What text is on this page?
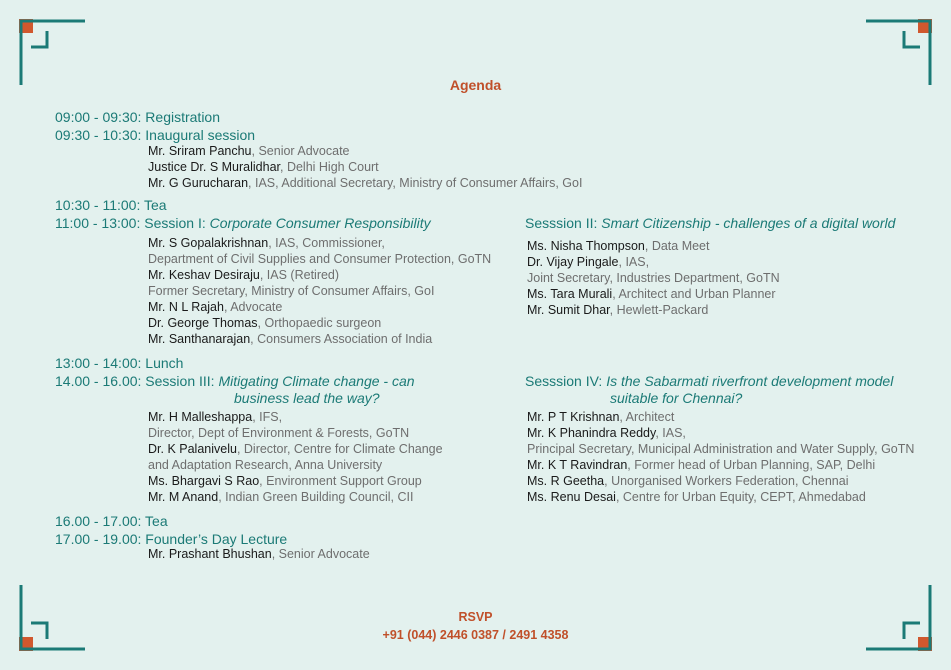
Agenda
09:00 - 09:30: Registration
09:30 - 10:30: Inaugural session
Mr. Sriram Panchu, Senior Advocate
Justice Dr. S Muralidhar, Delhi High Court
Mr. G Gurucharan, IAS, Additional Secretary, Ministry of Consumer Affairs, GoI
10:30 - 11:00: Tea
11:00 - 13:00: Session I: Corporate Consumer Responsibility
Mr. S Gopalakrishnan, IAS, Commissioner,
Department of Civil Supplies and Consumer Protection, GoTN
Mr. Keshav Desiraju, IAS (Retired)
Former Secretary, Ministry of Consumer Affairs, GoI
Mr. N L Rajah, Advocate
Dr. George Thomas, Orthopaedic surgeon
Mr. Santhanarajan, Consumers Association of India
Sesssion II: Smart Citizenship - challenges of a digital world
Ms. Nisha Thompson, Data Meet
Dr. Vijay Pingale, IAS,
Joint Secretary, Industries Department, GoTN
Ms. Tara Murali, Architect and Urban Planner
Mr. Sumit Dhar, Hewlett-Packard
13:00 - 14:00: Lunch
14.00 - 16.00: Session III: Mitigating Climate change - can
business lead the way?
Mr. H Malleshappa, IFS,
Director, Dept of Environment & Forests, GoTN
Dr. K Palanivelu, Director, Centre for Climate Change
and Adaptation Research, Anna University
Ms. Bhargavi S Rao, Environment Support Group
Mr. M Anand, Indian Green Building Council, CII
Sesssion IV: Is the Sabarmati riverfront development model
suitable for Chennai?
Mr. P T Krishnan, Architect
Mr. K Phanindra Reddy, IAS,
Principal Secretary, Municipal Administration and Water Supply, GoTN
Mr. K T Ravindran, Former head of Urban Planning, SAP, Delhi
Ms. R Geetha, Unorganised Workers Federation, Chennai
Ms. Renu Desai, Centre for Urban Equity, CEPT, Ahmedabad
16.00 - 17.00: Tea
17.00 - 19.00: Founder’s Day Lecture
Mr. Prashant Bhushan, Senior Advocate
RSVP
+91 (044) 2446 0387 / 2491 4358
